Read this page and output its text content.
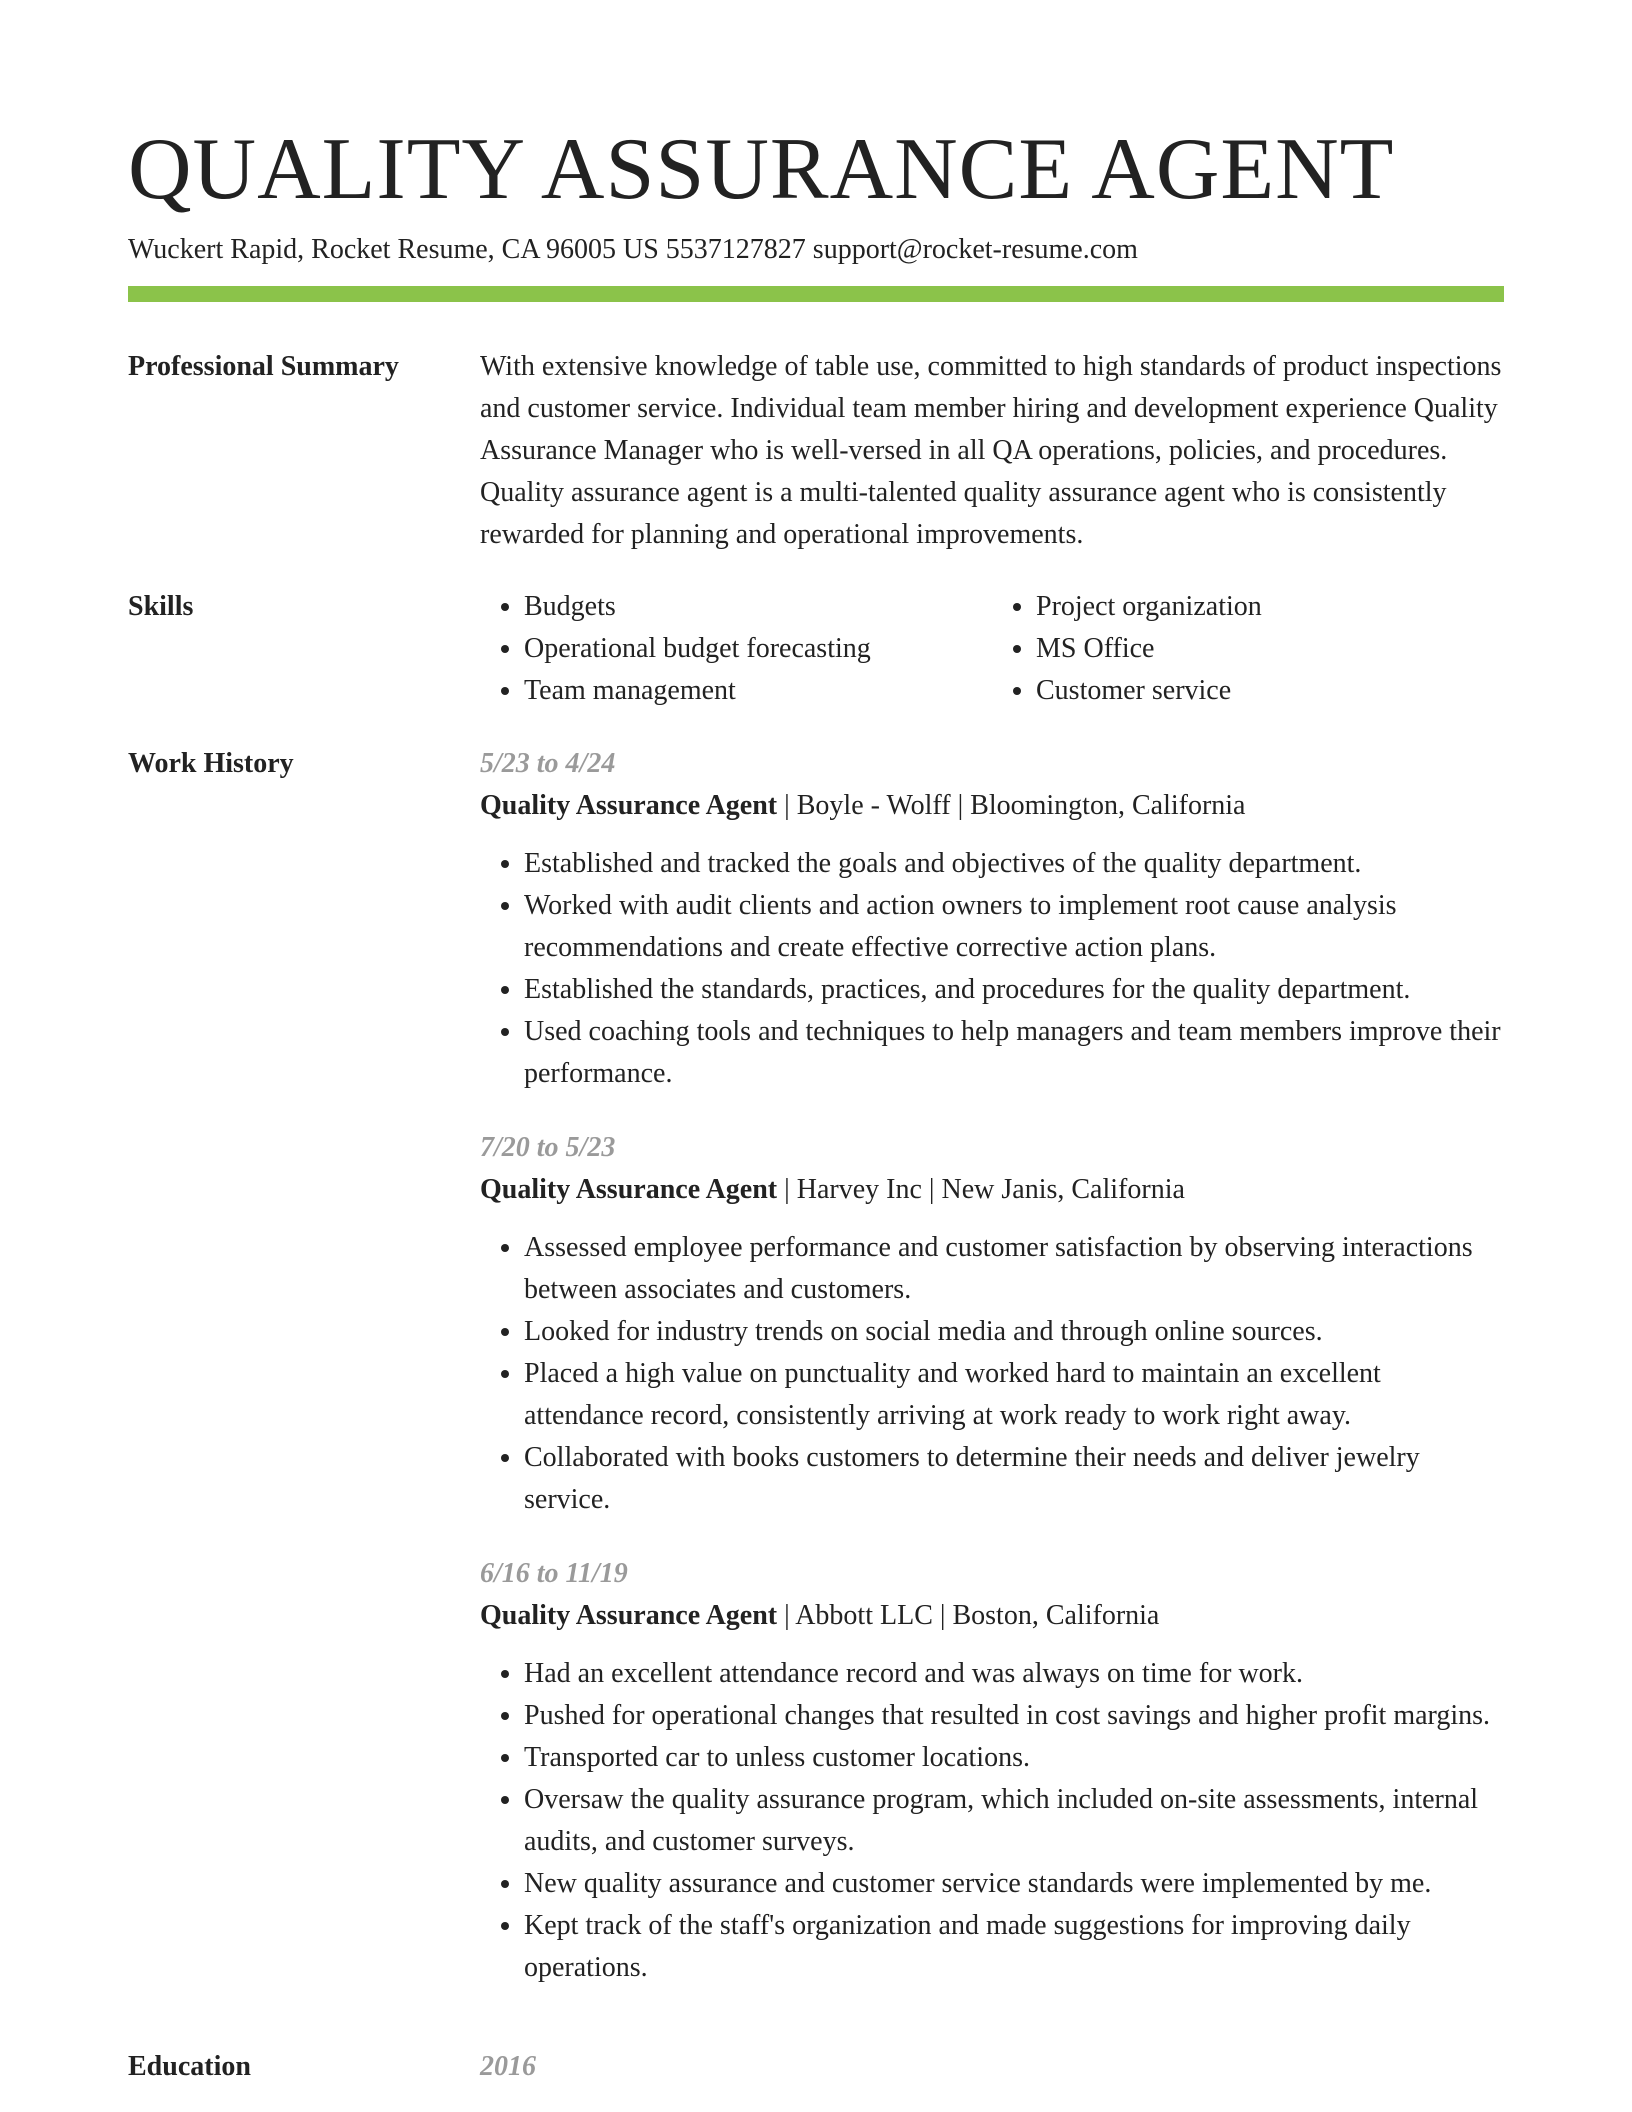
QUALITY ASSURANCE AGENT
Wuckert Rapid, Rocket Resume, CA 96005 US 5537127827 support@rocket-resume.com
Professional Summary	With extensive knowledge of table use, committed to high standards of product inspections and customer service. Individual team member hiring and development experience Quality Assurance Manager who is well-versed in all QA operations, policies, and procedures. Quality assurance agent is a multi-talented quality assurance agent who is consistently rewarded for planning and operational improvements.

Skills
•	Budgets
• Operational budget forecasting
• Team management
• Project organization
• MS Office
• Customer service
Work History	5/23 to 4/24
Quality Assurance Agent | Boyle - Wolff | Bloomington, California
• Established and tracked the goals and objectives of the quality department.
• Worked with audit clients and action owners to implement root cause analysis recommendations and create effective corrective action plans.
• Established the standards, practices, and procedures for the quality department.
• Used coaching tools and techniques to help managers and team members improve their performance.
7/20 to 5/23
Quality Assurance Agent | Harvey Inc | New Janis, California
• Assessed employee performance and customer satisfaction by observing interactions between associates and customers.
• Looked for industry trends on social media and through online sources.
• Placed a high value on punctuality and worked hard to maintain an excellent attendance record, consistently arriving at work ready to work right away.
• Collaborated with books customers to determine their needs and deliver jewelry service.
6/16 to 11/19
Quality Assurance Agent | Abbott LLC | Boston, California
• Had an excellent attendance record and was always on time for work.
• Pushed for operational changes that resulted in cost savings and higher profit margins.
• Transported car to unless customer locations.
• Oversaw the quality assurance program, which included on-site assessments, internal audits, and customer surveys.
• New quality assurance and customer service standards were implemented by me.
• Kept track of the staff's organization and made suggestions for improving daily operations.
Education	2016
